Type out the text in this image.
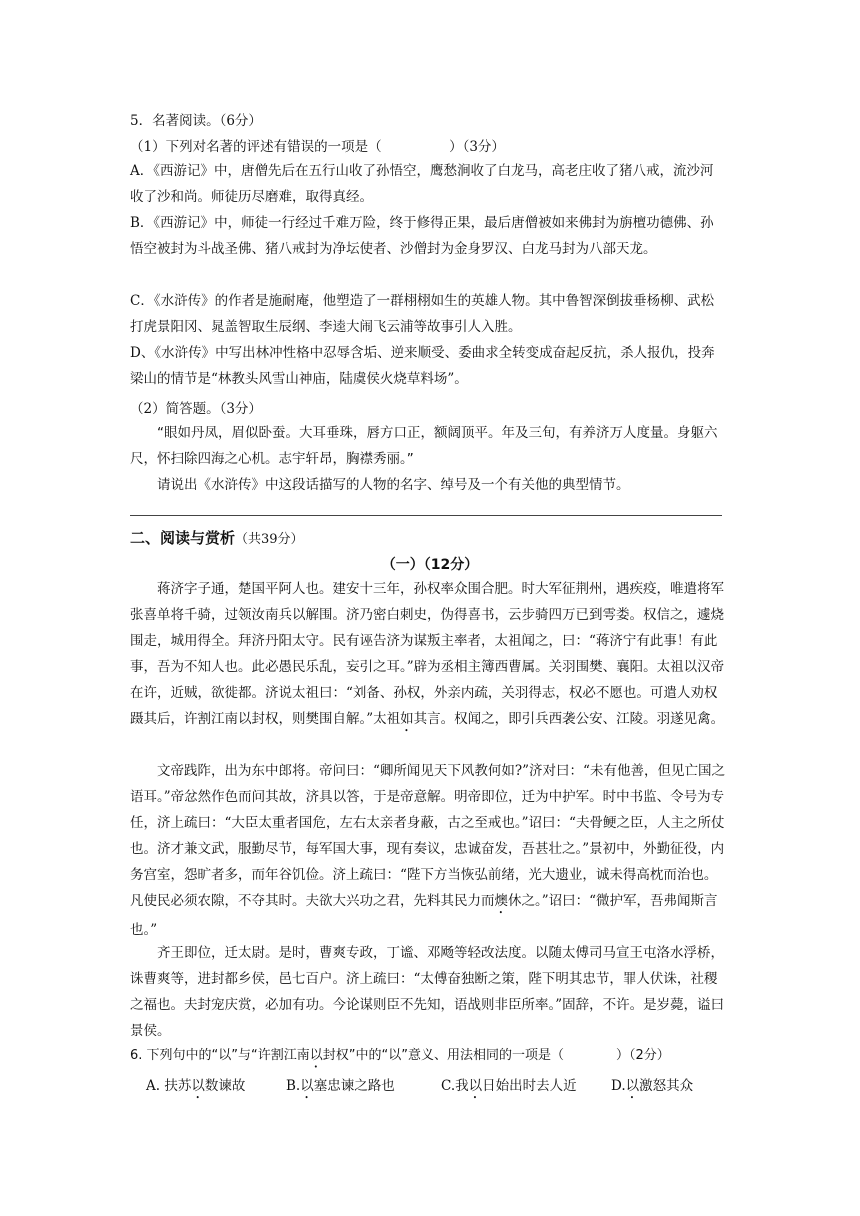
5．名著阅读。（6分）
（1）下列对名著的评述有错误的一项是（　　　　　）（3分）
A．《西游记》中，唐僧先后在五行山收了孙悟空，鹰愁涧收了白龙马，高老庄收了猪八戒，流沙河收了沙和尚。师徒历尽磨难，取得真经。
B．《西游记》中，师徒一行经过千难万险，终于修得正果，最后唐僧被如来佛封为旃檀功德佛、孙悟空被封为斗战圣佛、猪八戒封为净坛使者、沙僧封为金身罗汉、白龙马封为八部天龙。
C．《水浒传》的作者是施耐庵，他塑造了一群栩栩如生的英雄人物。其中鲁智深倒拔垂杨柳、武松打虎景阳冈、晁盖智取生辰纲、李逵大闹飞云浦等故事引人入胜。
D、《水浒传》中写出林冲性格中忍辱含垢、逆来顺受、委曲求全转变成奋起反抗，杀人报仇，投奔梁山的情节是“林教头风雪山神庙，陆虞侯火烧草料场”。
（2）简答题。（3分）
“眼如丹凤，眉似卧蚕。大耳垂珠，唇方口正，额阔顶平。年及三旬，有养济万人度量。身躯六尺，怀扫除四海之心机。志宇轩昂，胸襟秀丽。”
请说出《水浒传》中这段话描写的人物的名字、绰号及一个有关他的典型情节。
二、阅读与赏析（共39分）
（一）（12分）
蒋济字子通，楚国平阿人也。建安十三年，孙权率众围合肥。时大军征荆州，遇疾疫，唯遣将军张喜单将千骑，过领汝南兵以解围。济乃密白刺史，伪得喜书，云步骑四万已到雩娄。权信之，遽烧围走，城用得全。拜济丹阳太守。民有诬告济为谋叛主率者，太祖闻之，曰：“蒋济宁有此事！有此事，吾为不知人也。此必愚民乐乱，妄引之耳。”辟为丞相主簿西曹属。关羽围樊、襄阳。太祖以汉帝在许，近贼，欲徙都。济说太祖曰：“刘备、孙权，外亲内疏，关羽得志，权必不愿也。可遣人劝权蹑其后，许割江南以封权，则樊围自解。”太祖如其言。权闻之，即引兵西袭公安、江陵。羽遂见禽。
文帝践阼，出为东中郎将。帝问曰：“卿所闻见天下风教何如?”济对曰：“未有他善，但见亡国之语耳。”帝忿然作色而问其故，济具以答，于是帝意解。明帝即位，迁为中护军。时中书监、令号为专任，济上疏曰：“大臣太重者国危，左右太亲者身蔽，古之至戒也。”诏曰：“夫骨鲠之臣，人主之所仗也。济才兼文武，服勤尽节，每军国大事，现有奏议，忠诚奋发，吾甚壮之。”景初中，外勤征役，内务宫室，怨旷者多，而年谷饥俭。济上疏曰：“陛下方当恢弘前绪，光大遗业，诚未得高枕而治也。凡使民必须农隙，不夺其时。夫欲大兴功之君，先料其民力而燠休之。”诏曰：“微护军，吾弗闻斯言也。”
齐王即位，迁太尉。是时，曹爽专政，丁谧、邓飏等轻改法度。以随太傅司马宣王屯洛水浮桥，诛曹爽等，进封都乡侯，邑七百户。济上疏曰：“太傅奋独断之策，陛下明其忠节，罪人伏诛，社稷之福也。夫封宠庆赏，必加有功。今论谋则臣不先知，语战则非臣所率。”固辞，不许。是岁薨，谥曰景侯。
6. 下列句中的“以”与“许割江南以封权”中的“以”意义、用法相同的一项是（　　　　）（2分）
A. 扶苏以数谏故	B.以塞忠谏之路也	C.我以日始出时去人近	D.以激怒其众
